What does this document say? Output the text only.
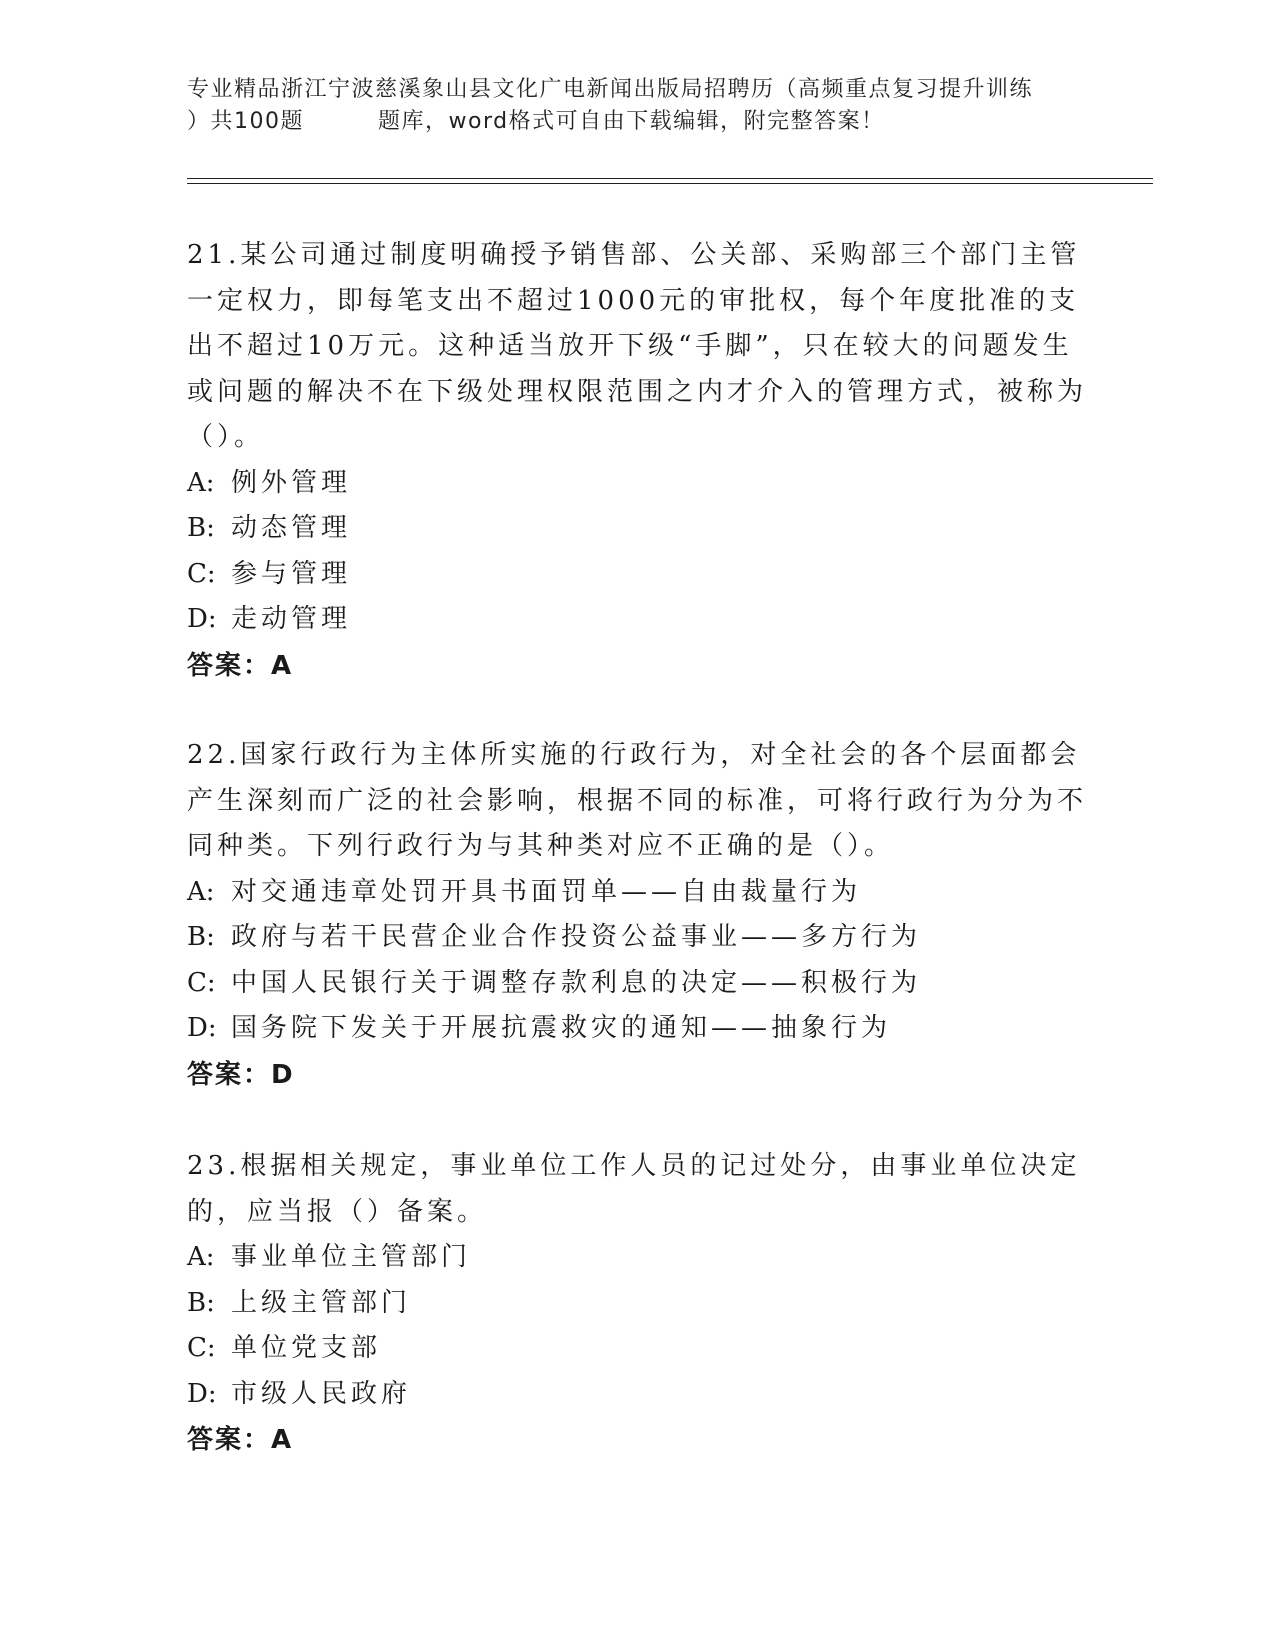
专业精品浙江宁波慈溪象山县文化广电新闻出版局招聘历（高频重点复习提升训练
）共100题	题库，word格式可自由下载编辑，附完整答案！

21.某公司通过制度明确授予销售部、公关部、采购部三个部门主管一定权力，即每笔支出不超过1000元的审批权，每个年度批准的支出不超过10万元。这种适当放开下级“手脚”，只在较大的问题发生或问题的解决不在下级处理权限范围之内才介入的管理方式，被称为（）。

A: 例外管理

B: 动态管理

C: 参与管理

D: 走动管理

答案：A

22.国家行政行为主体所实施的行政行为，对全社会的各个层面都会产生深刻而广泛的社会影响，根据不同的标准，可将行政行为分为不同种类。下列行政行为与其种类对应不正确的是（）。

A: 对交通违章处罚开具书面罚单——自由裁量行为

B: 政府与若干民营企业合作投资公益事业——多方行为

C: 中国人民银行关于调整存款利息的决定——积极行为

D: 国务院下发关于开展抗震救灾的通知——抽象行为

答案：D

23.根据相关规定，事业单位工作人员的记过处分，由事业单位决定的，应当报（）备案。

A: 事业单位主管部门

B: 上级主管部门

C: 单位党支部

D: 市级人民政府

答案：A
